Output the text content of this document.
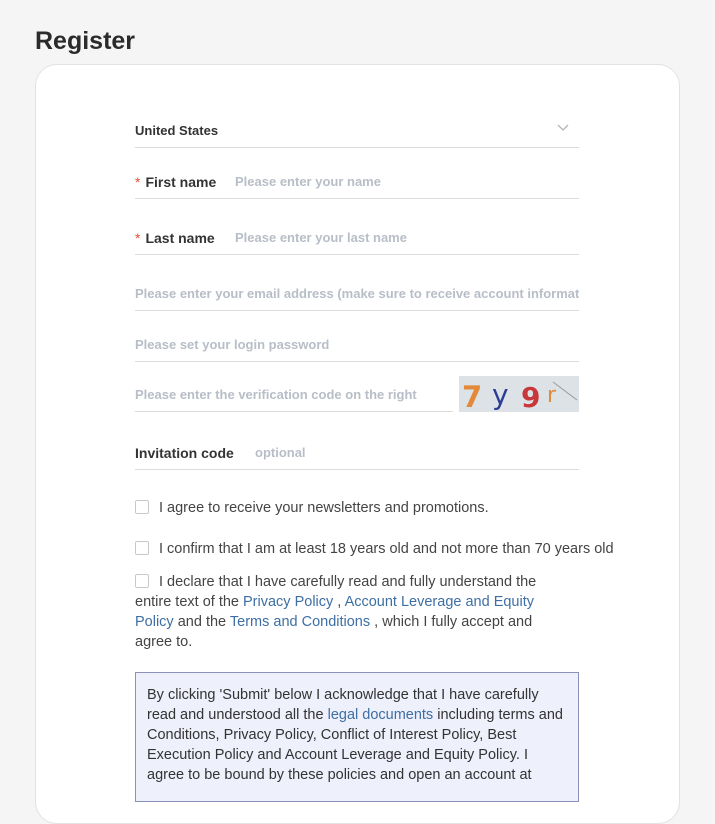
Register
United States
* First name
Please enter your name
* Last name
Please enter your last name
Please enter your email address (make sure to receive account information)
Please enter the verification code on the right
7 y 9 r
Invitation code
optional
I agree to receive your newsletters and promotions.
I confirm that I am at least 18 years old and not more than 70 years old
I declare that I have carefully read and fully understand the entire text of the Privacy Policy , Account Leverage and Equity Policy and the Terms and Conditions , which I fully accept and agree to.
By clicking 'Submit' below I acknowledge that I have carefully read and understood all the legal documents including terms and Conditions, Privacy Policy, Conflict of Interest Policy, Best Execution Policy and Account Leverage and Equity Policy. I agree to be bound by these policies and open an account at
